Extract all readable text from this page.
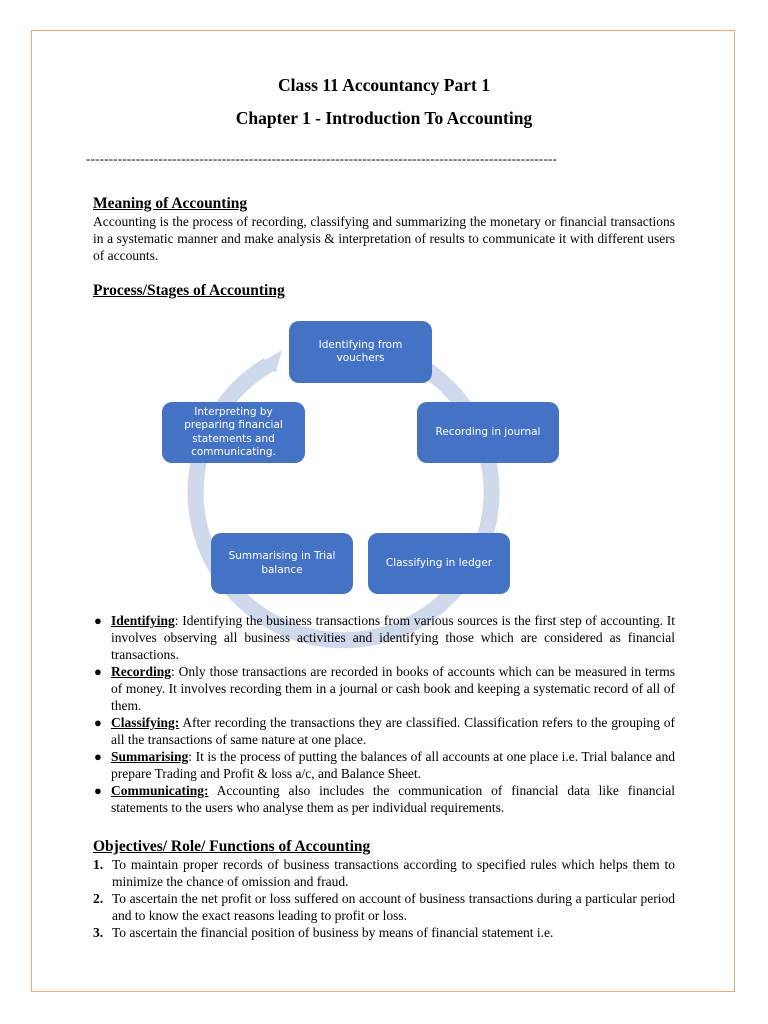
Class 11 Accountancy Part 1
Chapter 1 - Introduction To Accounting
--------------------------------------------------------------------------------------------------------
Meaning of Accounting
Accounting is the process of recording, classifying and summarizing the monetary or financial transactions in a systematic manner and make analysis & interpretation of results to communicate it with different users of accounts.
Process/Stages of Accounting
Identifying from vouchers
Recording in journal
Classifying in ledger
Summarising in Trial balance
Interpreting by preparing financial statements and communicating.
● Identifying: Identifying the business transactions from various sources is the first step of accounting. It involves observing all business activities and identifying those which are considered as financial transactions.
● Recording: Only those transactions are recorded in books of accounts which can be measured in terms of money. It involves recording them in a journal or cash book and keeping a systematic record of all of them.
● Classifying: After recording the transactions they are classified. Classification refers to the grouping of all the transactions of same nature at one place.
● Summarising: It is the process of putting the balances of all accounts at one place i.e. Trial balance and prepare Trading and Profit & loss a/c, and Balance Sheet.
● Communicating: Accounting also includes the communication of financial data like financial statements to the users who analyse them as per individual requirements.
Objectives/ Role/ Functions of Accounting
1. To maintain proper records of business transactions according to specified rules which helps them to minimize the chance of omission and fraud.
2. To ascertain the net profit or loss suffered on account of business transactions during a particular period and to know the exact reasons leading to profit or loss.
3. To ascertain the financial position of business by means of financial statement i.e.
